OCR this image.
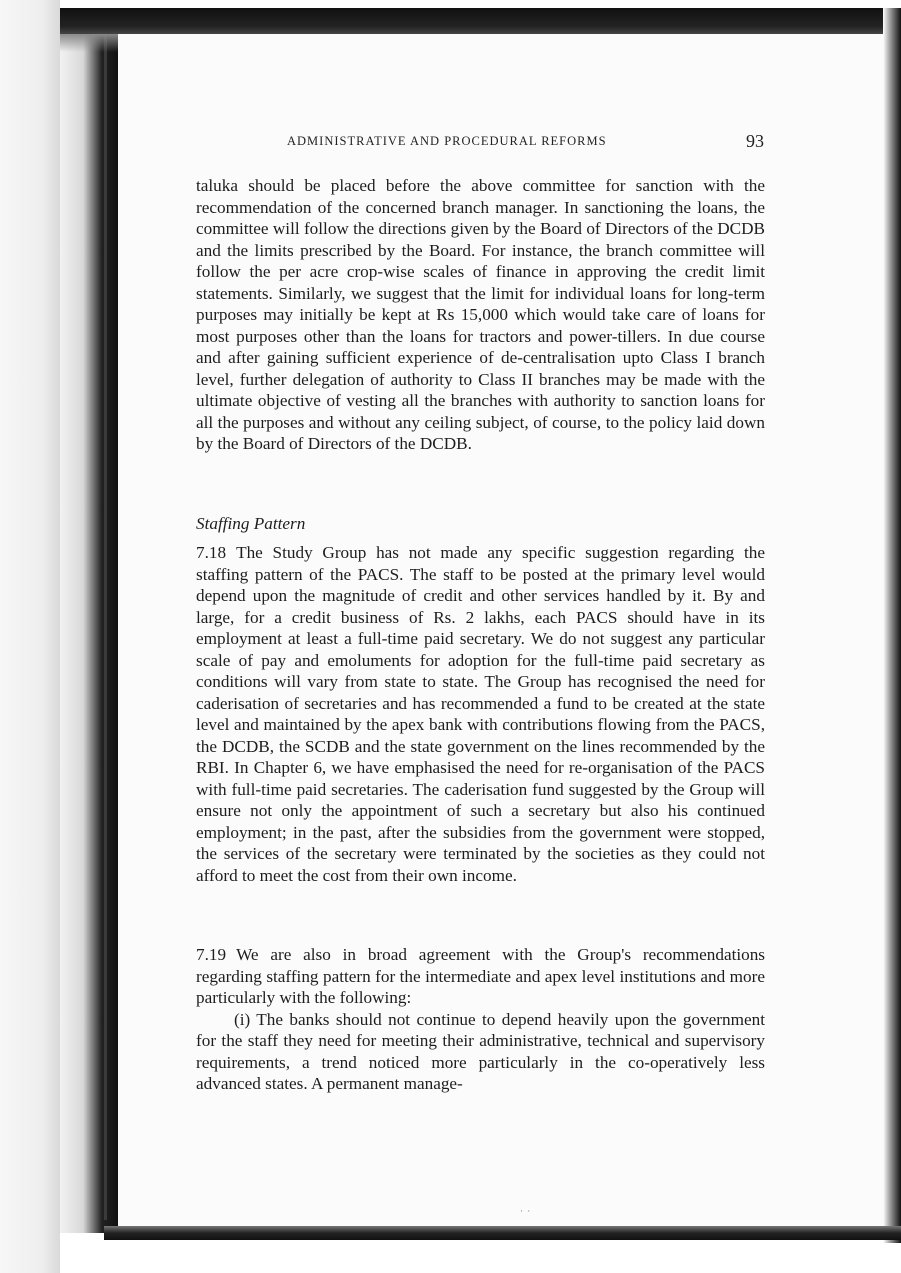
ADMINISTRATIVE AND PROCEDURAL REFORMS	93

taluka should be placed before the above committee for sanction with the recommendation of the concerned branch manager. In sanctioning the loans, the committee will follow the directions given by the Board of Directors of the DCDB and the limits prescribed by the Board. For instance, the branch committee will follow the per acre crop-wise scales of finance in approving the credit limit statements. Similarly, we suggest that the limit for individual loans for long-term purposes may initially be kept at Rs 15,000 which would take care of loans for most purposes other than the loans for tractors and power-tillers. In due course and after gaining sufficient experience of de-centralisation upto Class I branch level, further delegation of authority to Class II branches may be made with the ultimate objective of vesting all the branches with authority to sanction loans for all the purposes and without any ceiling subject, of course, to the policy laid down by the Board of Directors of the DCDB.

Staffing Pattern

7.18 The Study Group has not made any specific suggestion regarding the staffing pattern of the PACS. The staff to be posted at the primary level would depend upon the magnitude of credit and other services handled by it. By and large, for a credit business of Rs. 2 lakhs, each PACS should have in its employment at least a full-time paid secretary. We do not suggest any particular scale of pay and emoluments for adoption for the full-time paid secretary as conditions will vary from state to state. The Group has recognised the need for caderisation of secretaries and has recommended a fund to be created at the state level and maintained by the apex bank with contributions flowing from the PACS, the DCDB, the SCDB and the state government on the lines recommended by the RBI. In Chapter 6, we have emphasised the need for re-organisation of the PACS with full-time paid secretaries. The caderisation fund suggested by the Group will ensure not only the appointment of such a secretary but also his continued employment; in the past, after the subsidies from the government were stopped, the services of the secretary were terminated by the societies as they could not afford to meet the cost from their own income.

7.19 We are also in broad agreement with the Group's recommendations regarding staffing pattern for the intermediate and apex level institutions and more particularly with the following:

(i) The banks should not continue to depend heavily upon the government for the staff they need for meeting their administrative, technical and supervisory requirements, a trend noticed more particularly in the co-operatively less advanced states. A permanent manage-

· ·
